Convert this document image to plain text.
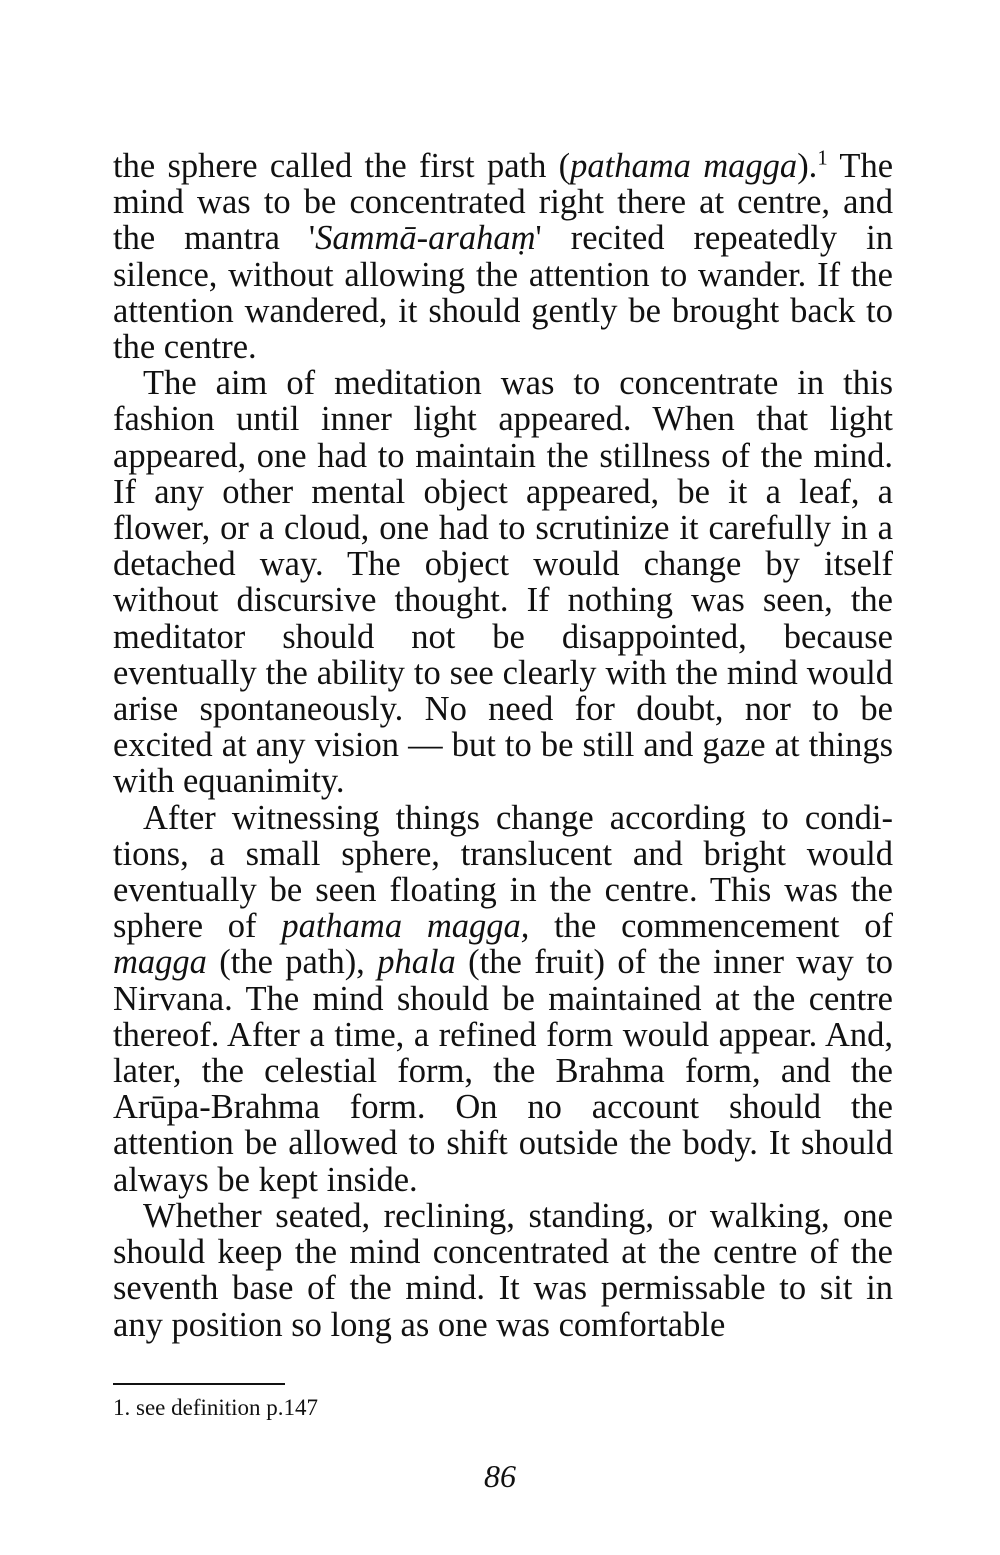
the sphere called the first path (pathama magga).$^1$ The mind was to be concentrated right there at centre, and the mantra 'Sammā-arahaṃ' recited repeatedly in silence, without allowing the attention to wander. If the attention wandered, it should gently be brought back to the centre.

The aim of meditation was to concentrate in this fashion until inner light appeared. When that light appeared, one had to maintain the stillness of the mind. If any other mental object appeared, be it a leaf, a flower, or a cloud, one had to scrutinize it carefully in a detached way. The object would change by itself without discursive thought. If nothing was seen, the meditator should not be disappointed, because eventually the ability to see clearly with the mind would arise spontaneously. No need for doubt, nor to be excited at any vision — but to be still and gaze at things with equanimity.

After witnessing things change according to conditions, a small sphere, translucent and bright would eventually be seen floating in the centre. This was the sphere of pathama magga, the commencement of magga (the path), phala (the fruit) of the inner way to Nirvana. The mind should be maintained at the centre thereof. After a time, a refined form would appear. And, later, the celestial form, the Brahma form, and the Arūpa-Brahma form. On no account should the attention be allowed to shift outside the body. It should always be kept inside.

Whether seated, reclining, standing, or walking, one should keep the mind concentrated at the centre of the seventh base of the mind. It was permissable to sit in any position so long as one was comfortable

1. see definition p.147
86
